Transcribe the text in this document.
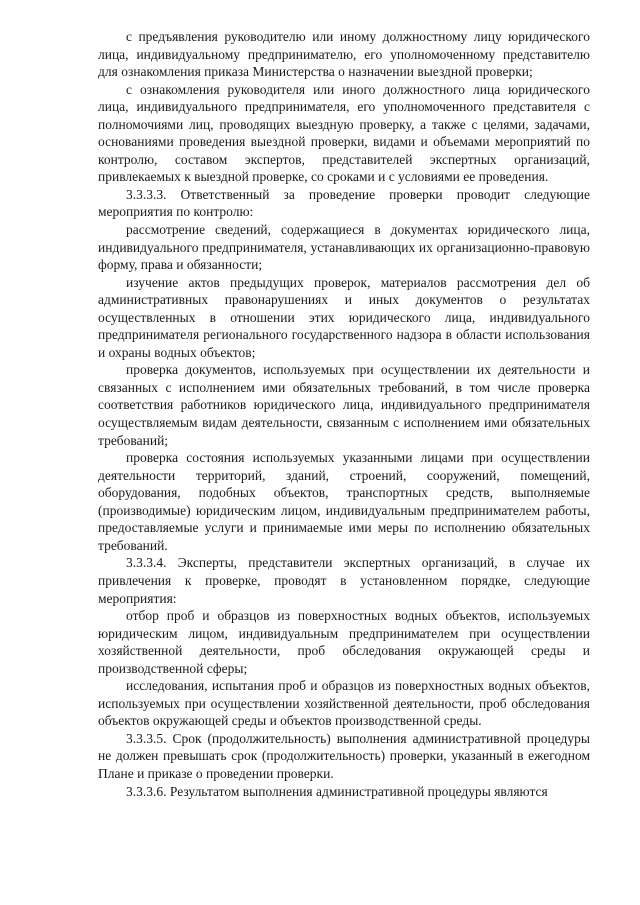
с предъявления руководителю или иному должностному лицу юридического лица, индивидуальному предпринимателю, его уполномоченному представителю для ознакомления приказа Министерства о назначении выездной проверки;

с ознакомления руководителя или иного должностного лица юридического лица, индивидуального предпринимателя, его уполномоченного представителя с полномочиями лиц, проводящих выездную проверку, а также с целями, задачами, основаниями проведения выездной проверки, видами и объемами мероприятий по контролю, составом экспертов, представителей экспертных организаций, привлекаемых к выездной проверке, со сроками и с условиями ее проведения.

3.3.3.3. Ответственный за проведение проверки проводит следующие мероприятия по контролю:

рассмотрение сведений, содержащиеся в документах юридического лица, индивидуального предпринимателя, устанавливающих их организационно-правовую форму, права и обязанности;

изучение актов предыдущих проверок, материалов рассмотрения дел об административных правонарушениях и иных документов о результатах осуществленных в отношении этих юридического лица, индивидуального предпринимателя регионального государственного надзора в области использования и охраны водных объектов;

проверка документов, используемых при осуществлении их деятельности и связанных с исполнением ими обязательных требований, в том числе проверка соответствия работников юридического лица, индивидуального предпринимателя осуществляемым видам деятельности, связанным с исполнением ими обязательных требований;

проверка состояния используемых указанными лицами при осуществлении деятельности территорий, зданий, строений, сооружений, помещений, оборудования, подобных объектов, транспортных средств, выполняемые (производимые) юридическим лицом, индивидуальным предпринимателем работы, предоставляемые услуги и принимаемые ими меры по исполнению обязательных требований.

3.3.3.4. Эксперты, представители экспертных организаций, в случае их привлечения к проверке, проводят в установленном порядке, следующие мероприятия:

отбор проб и образцов из поверхностных водных объектов, используемых юридическим лицом, индивидуальным предпринимателем при осуществлении хозяйственной деятельности, проб обследования окружающей среды и производственной сферы;

исследования, испытания проб и образцов из поверхностных водных объектов, используемых при осуществлении хозяйственной деятельности, проб обследования объектов окружающей среды и объектов производственной среды.

3.3.3.5. Срок (продолжительность) выполнения административной процедуры не должен превышать срок (продолжительность) проверки, указанный в ежегодном Плане и приказе о проведении проверки.

3.3.3.6. Результатом выполнения административной процедуры являются
